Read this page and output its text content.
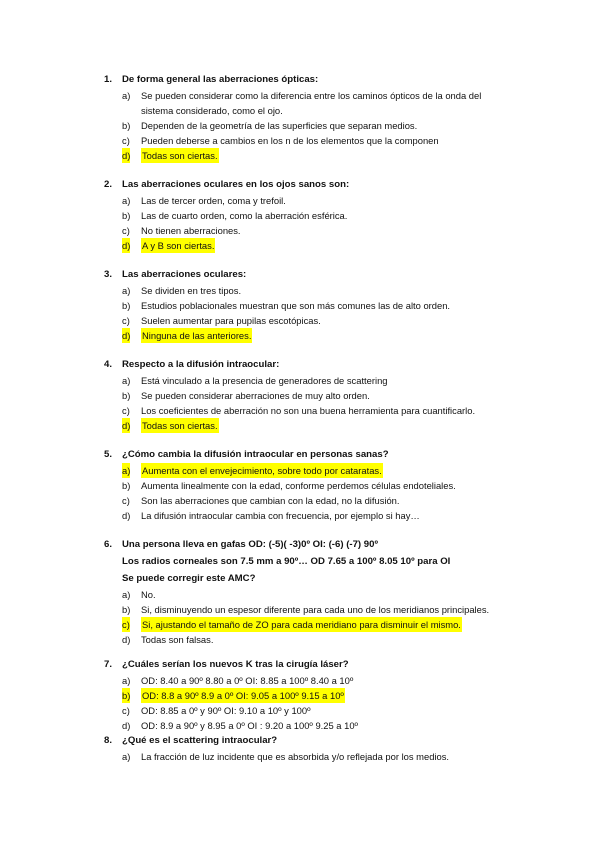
1. De forma general las aberraciones ópticas:
a) Se pueden considerar como la diferencia entre los caminos ópticos de la onda del
sistema considerado, como el ojo.
b) Dependen de la geometría de las superficies que separan medios.
c) Pueden deberse a cambios en los n de los elementos que la componen
d) Todas son ciertas.
2. Las aberraciones oculares en los ojos sanos son:
a) Las de tercer orden, coma y trefoil.
b) Las de cuarto orden, como la aberración esférica.
c) No tienen aberraciones.
d) A y B son ciertas.
3. Las aberraciones oculares:
a) Se dividen en tres tipos.
b) Estudios poblacionales muestran que son más comunes las de alto orden.
c) Suelen aumentar para pupilas escotópicas.
d) Ninguna de las anteriores.
4. Respecto a la difusión intraocular:
a) Está vinculado a la presencia de generadores de scattering
b) Se pueden considerar aberraciones de muy alto orden.
c) Los coeficientes de aberración no son una buena herramienta para cuantificarlo.
d) Todas son ciertas.
5. ¿Cómo cambia la difusión intraocular en personas sanas?
a) Aumenta con el envejecimiento, sobre todo por cataratas.
b) Aumenta linealmente con la edad, conforme perdemos células endoteliales.
c) Son las aberraciones que cambian con la edad, no la difusión.
d) La difusión intraocular cambia con frecuencia, por ejemplo si hay…
6. Una persona lleva en gafas OD: (-5)( -3)0º OI: (-6) (-7) 90º
Los radios corneales son 7.5 mm a 90º… OD 7.65 a 100º 8.05 10º para OI
Se puede corregir este AMC?
a) No.
b) Si, disminuyendo un espesor diferente para cada uno de los meridianos principales.
c) Si, ajustando el tamaño de ZO para cada meridiano para disminuir el mismo.
d) Todas son falsas.
7. ¿Cuáles serían los nuevos K tras la cirugía láser?
a) OD: 8.40 a 90º 8.80 a 0º OI: 8.85 a 100º 8.40 a 10º
b) OD: 8.8 a 90º 8.9 a 0º OI: 9.05 a 100º 9.15 a 10º
c) OD: 8.85 a 0º y 90º OI: 9.10 a 10º y 100º
d) OD: 8.9 a 90º y 8.95 a 0º OI : 9.20 a 100º 9.25 a 10º
8. ¿Qué es el scattering intraocular?
a) La fracción de luz incidente que es absorbida y/o reflejada por los medios.
